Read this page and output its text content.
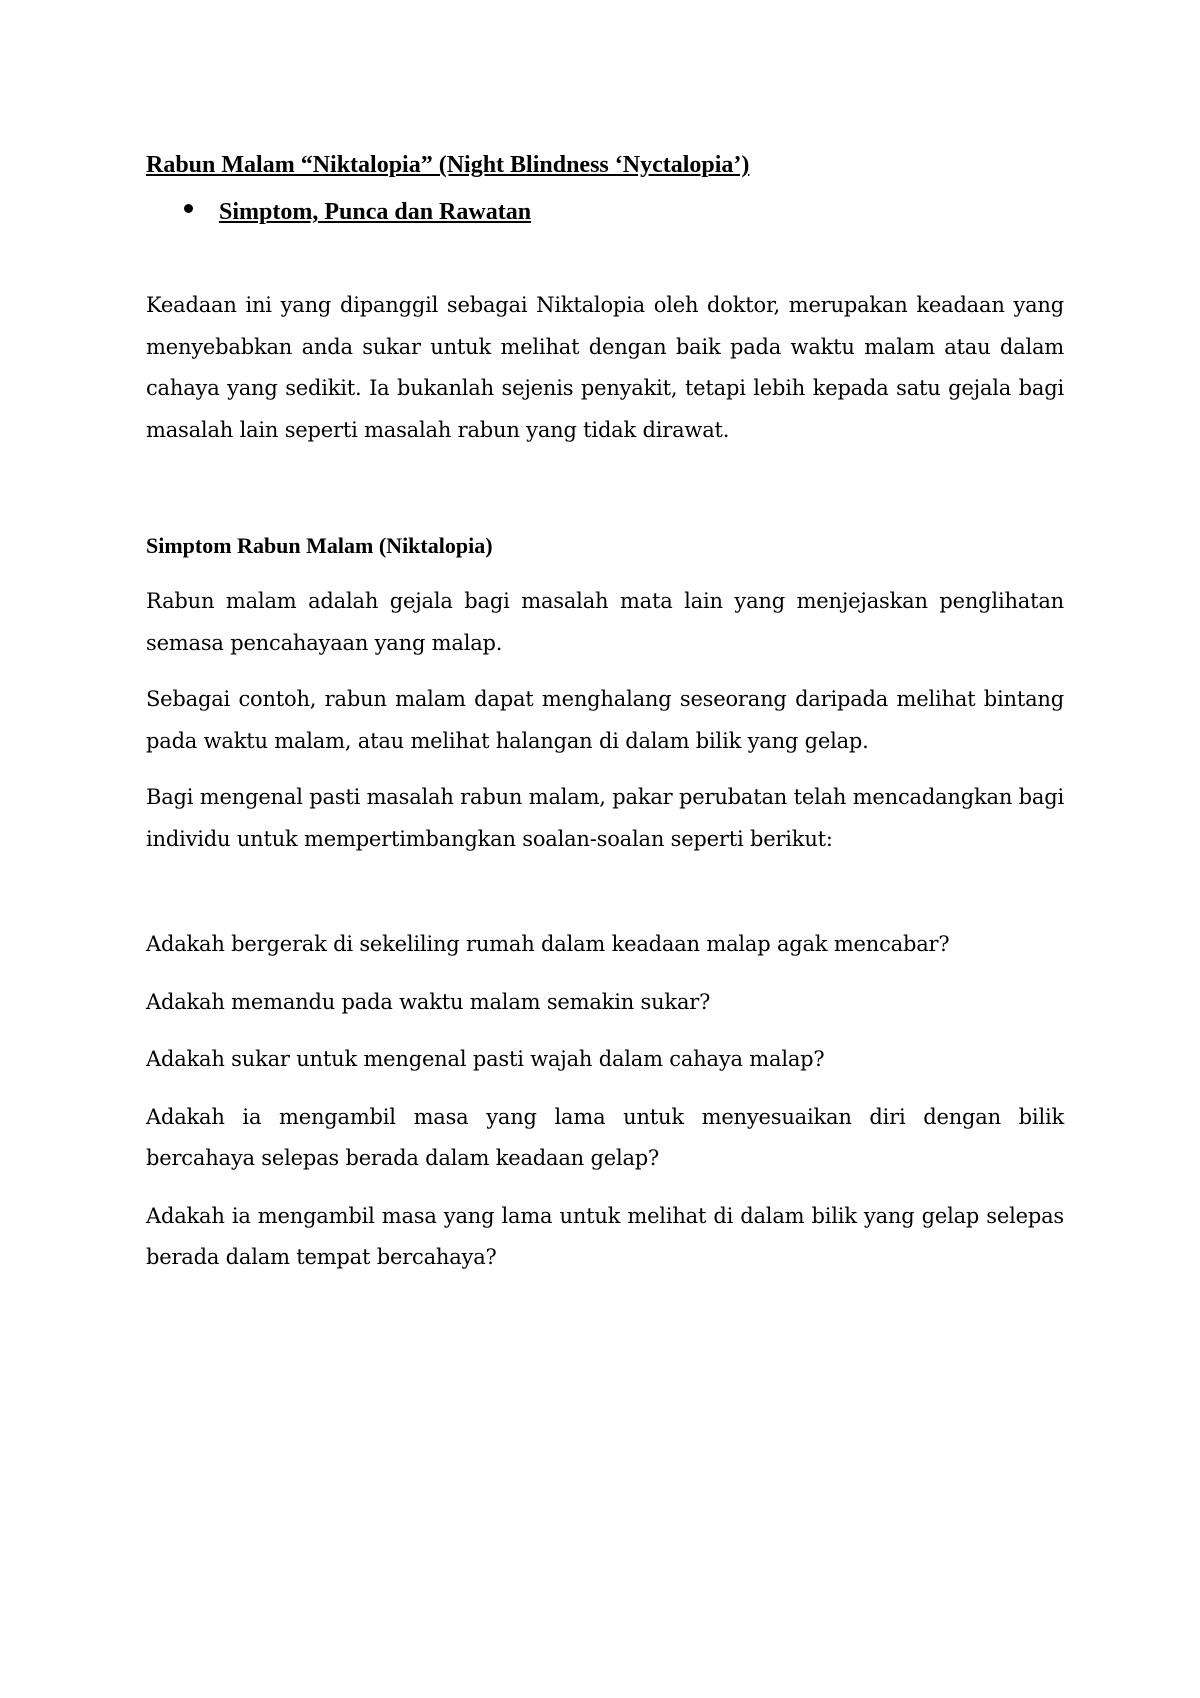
Rabun Malam “Niktalopia” (Night Blindness ‘Nyctalopia’)
Simptom, Punca dan Rawatan

Keadaan ini yang dipanggil sebagai Niktalopia oleh doktor, merupakan keadaan yang menyebabkan anda sukar untuk melihat dengan baik pada waktu malam atau dalam cahaya yang sedikit. Ia bukanlah sejenis penyakit, tetapi lebih kepada satu gejala bagi masalah lain seperti masalah rabun yang tidak dirawat.

Simptom Rabun Malam (Niktalopia)

Rabun malam adalah gejala bagi masalah mata lain yang menjejaskan penglihatan semasa pencahayaan yang malap.

Sebagai contoh, rabun malam dapat menghalang seseorang daripada melihat bintang pada waktu malam, atau melihat halangan di dalam bilik yang gelap.

Bagi mengenal pasti masalah rabun malam, pakar perubatan telah mencadangkan bagi individu untuk mempertimbangkan soalan-soalan seperti berikut:

Adakah bergerak di sekeliling rumah dalam keadaan malap agak mencabar?

Adakah memandu pada waktu malam semakin sukar?

Adakah sukar untuk mengenal pasti wajah dalam cahaya malap?

Adakah ia mengambil masa yang lama untuk menyesuaikan diri dengan bilik bercahaya selepas berada dalam keadaan gelap?

Adakah ia mengambil masa yang lama untuk melihat di dalam bilik yang gelap selepas berada dalam tempat bercahaya?
